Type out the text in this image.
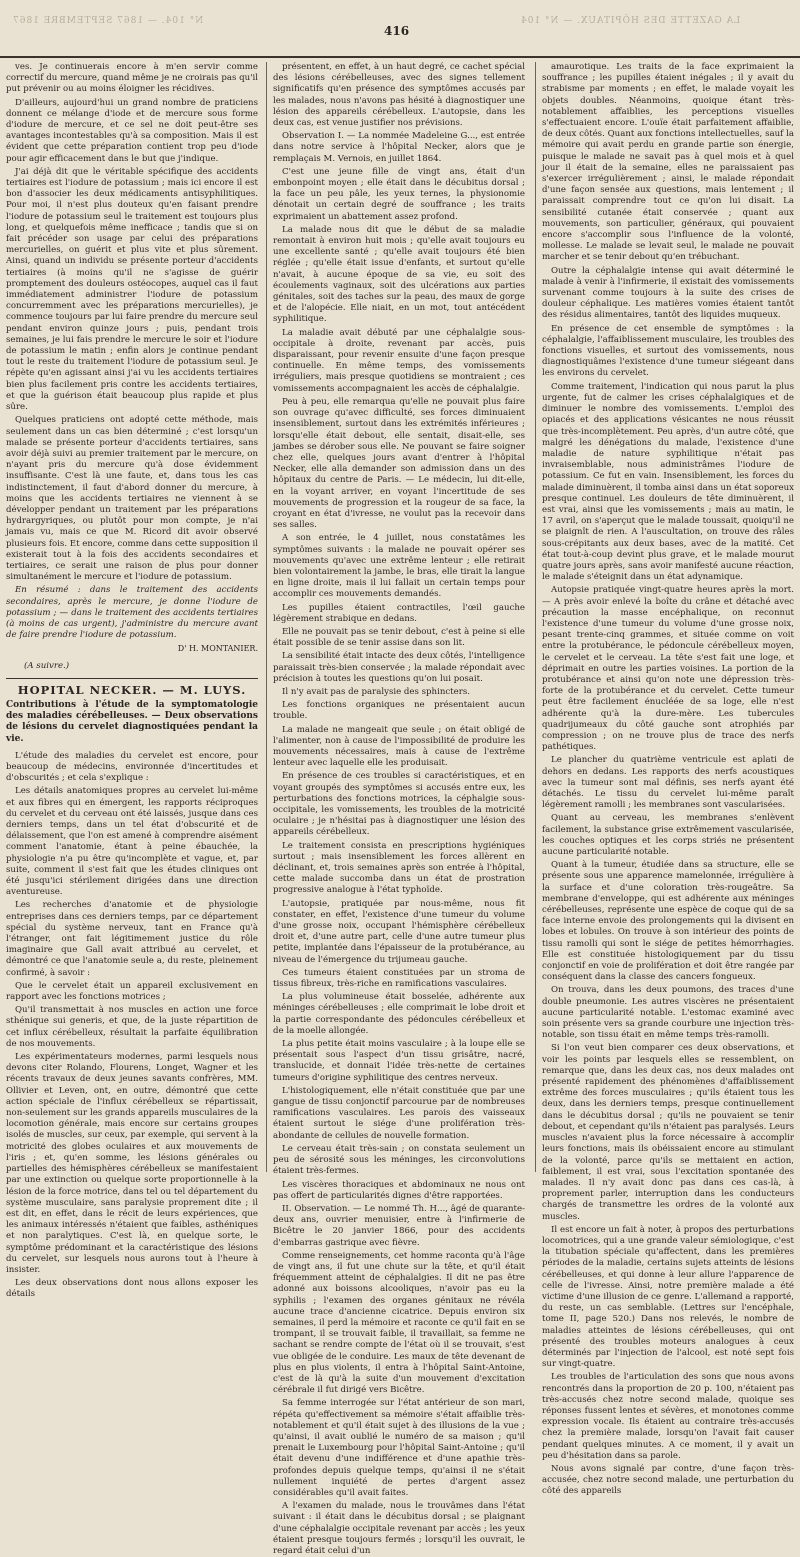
N° 104. — 1867 SEPTEMBRE 1867
416
LA GAZETTE DES HÔPITAUX. — N° 104

ves. Je continuerais encore à m'en servir comme correctif du mercure, quand même je ne croirais pas qu'il put prévenir ou au moins éloigner les récidives.

D'ailleurs, aujourd'hui un grand nombre de praticiens donnent ce mélange d'iode et de mercure sous forme d'iodure de mercure, et ce sel ne doit peut-être ses avantages incontestables qu'à sa composition. Mais il est évident que cette préparation contient trop peu d'iode pour agir efficacement dans le but que j'indique.

J'ai déjà dit que le véritable spécifique des accidents tertiaires est l'iodure de potassium ; mais ici encore il est bon d'associer les deux médicaments antisyphilitiques. Pour moi, il n'est plus douteux qu'en faisant prendre l'iodure de potassium seul le traitement est toujours plus long, et quelquefois même inefficace ; tandis que si on fait précéder son usage par celui des préparations mercurielles, on guérit et plus vite et plus sûrement. Ainsi, quand un individu se présente porteur d'accidents tertiaires (à moins qu'il ne s'agisse de guérir promptement des douleurs ostéocopes, auquel cas il faut immédiatement administrer l'iodure de potassium concurremment avec les préparations mercurielles), je commence toujours par lui faire prendre du mercure seul pendant environ quinze jours ; puis, pendant trois semaines, je lui fais prendre le mercure le soir et l'iodure de potassium le matin ; enfin alors je continue pendant tout le reste du traitement l'iodure de potassium seul. Je répète qu'en agissant ainsi j'ai vu les accidents tertiaires bien plus facilement pris contre les accidents tertiaires, et que la guérison était beaucoup plus rapide et plus sûre.

Quelques praticiens ont adopté cette méthode, mais seulement dans un cas bien déterminé ; c'est lorsqu'un malade se présente porteur d'accidents tertiaires, sans avoir déjà suivi au premier traitement par le mercure, on n'ayant pris du mercure qu'à dose évidemment insuffisante. C'est là une faute, et, dans tous les cas indistinctement, il faut d'abord donner du mercure, à moins que les accidents tertiaires ne viennent à se développer pendant un traitement par les préparations hydrargyriques, ou plutôt pour mon compte, je n'ai jamais vu, mais ce que M. Ricord dit avoir observé plusieurs fois. Et encore, comme dans cette supposition il existerait tout à la fois des accidents secondaires et tertiaires, ce serait une raison de plus pour donner simultanément le mercure et l'iodure de potassium.

En résumé : dans le traitement des accidents secondaires, après le mercure, je donne l'iodure de potassium ; — dans le traitement des accidents tertiaires (à moins de cas urgent), j'administre du mercure avant de faire prendre l'iodure de potassium.

D' H. MONTANIER.
(A suivre.)
HOPITAL NECKER. — M. LUYS.
Contributions à l'étude de la symptomatologie des maladies cérébelleuses. — Deux observations de lésions du cervelet diagnostiquées pendant la vie.

L'étude des maladies du cervelet est encore, pour beaucoup de médecins, environnée d'incertitudes et d'obscurités ; et cela s'explique :

Les détails anatomiques propres au cervelet lui-même et aux fibres qui en émergent, les rapports réciproques du cervelet et du cerveau ont été laissés, jusque dans ces derniers temps, dans un tel état d'obscurité et de délaissement, que l'on est amené à comprendre aisément comment l'anatomie, étant à peine ébauchée, la physiologie n'a pu être qu'incomplète et vague, et, par suite, comment il s'est fait que les études cliniques ont été jusqu'ici stérilement dirigées dans une direction aventureuse.

Les recherches d'anatomie et de physiologie entreprises dans ces derniers temps, par ce département spécial du système nerveux, tant en France qu'à l'étranger, ont fait légitimement justice du rôle imaginaire que Gall avait attribué au cervelet, et démontré ce que l'anatomie seule a, du reste, pleinement confirmé, à savoir :

Que le cervelet était un appareil exclusivement en rapport avec les fonctions motrices ;

Qu'il transmettait à nos muscles en action une force sthénique sui generis, et que, de la juste répartition de cet influx cérébelleux, résultait la parfaite équilibration de nos mouvements.

Les expérimentateurs modernes, parmi lesquels nous devons citer Rolando, Flourens, Longet, Wagner et les récents travaux de deux jeunes savants confrères, MM. Ollivier et Leven, ont, en outre, démontré que cette action spéciale de l'influx cérébelleux se répartissait, non-seulement sur les grands appareils musculaires de la locomotion générale, mais encore sur certains groupes isolés de muscles, sur ceux, par exemple, qui servent à la motricité des globes oculaires et aux mouvements de l'iris ; et, qu'en somme, les lésions générales ou partielles des hémisphères cérébelleux se manifestaient par une extinction ou quelque sorte proportionnelle à la lésion de la force motrice, dans tel ou tel département du système musculaire, sans paralysie proprement dite ; il est dit, en effet, dans le récit de leurs expériences, que les animaux intéressés n'étaient que faibles, asthéniques et non paralytiques. C'est là, en quelque sorte, le symptôme prédominant et la caractéristique des lésions du cervelet, sur lesquels nous aurons tout à l'heure à insister.

Les deux observations dont nous allons exposer les détails

présentent, en effet, à un haut degré, ce cachet spécial des lésions cérébelleuses, avec des signes tellement significatifs qu'en présence des symptômes accusés par les malades, nous n'avons pas hésité à diagnostiquer une lésion des appareils cérébelleux. L'autopsie, dans les deux cas, est venue justifier nos prévisions.

Observation I. — La nommée Madeleine G..., est entrée dans notre service à l'hôpital Necker, alors que je remplaçais M. Vernois, en juillet 1864.

C'est une jeune fille de vingt ans, était d'un embonpoint moyen ; elle était dans le décubitus dorsal ; la face un peu pâle, les yeux ternes, la physionomie dénotait un certain degré de souffrance ; les traits exprimaient un abattement assez profond.

La malade nous dit que le début de sa maladie remontait à environ huit mois ; qu'elle avait toujours eu une excellente santé ; qu'elle avait toujours été bien réglée ; qu'elle était issue d'enfants, et surtout qu'elle n'avait, à aucune époque de sa vie, eu soit des écoulements vaginaux, soit des ulcérations aux parties génitales, soit des taches sur la peau, des maux de gorge et de l'alopécie. Elle niait, en un mot, tout antécédent syphilitique.

La maladie avait débuté par une céphalalgie sous-occipitale à droite, revenant par accès, puis disparaissant, pour revenir ensuite d'une façon presque continuelle. En même temps, des vomissements irréguliers, mais presque quotidiens se montraient ; ces vomissements accompagnaient les accès de céphalalgie.

Peu à peu, elle remarqua qu'elle ne pouvait plus faire son ouvrage qu'avec difficulté, ses forces diminuaient insensiblement, surtout dans les extrémités inférieures ; lorsqu'elle était debout, elle sentait, disait-elle, ses jambes se dérober sous elle. Ne pouvant se faire soigner chez elle, quelques jours avant d'entrer à l'hôpital Necker, elle alla demander son admission dans un des hôpitaux du centre de Paris. — Le médecin, lui dit-elle, en la voyant arriver, en voyant l'incertitude de ses mouvements de progression et la rougeur de sa face, la croyant en état d'ivresse, ne voulut pas la recevoir dans ses salles.

A son entrée, le 4 juillet, nous constatâmes les symptômes suivants : la malade ne pouvait opérer ses mouvements qu'avec une extrême lenteur ; elle retirait bien volontairement la jambe, le bras, elle tirait la langue en ligne droite, mais il lui fallait un certain temps pour accomplir ces mouvements demandés.

Les pupilles étaient contractiles, l'œil gauche légèrement strabique en dedans.

Elle ne pouvait pas se tenir debout, c'est à peine si elle était possible de se tenir assise dans son lit.

La sensibilité était intacte des deux côtés, l'intelligence paraissait très-bien conservée ; la malade répondait avec précision à toutes les questions qu'on lui posait.

Il n'y avait pas de paralysie des sphincters.

Les fonctions organiques ne présentaient aucun trouble.

La malade ne mangeait que seule ; on était obligé de l'alimenter, non à cause de l'impossibilité de produire les mouvements nécessaires, mais à cause de l'extrême lenteur avec laquelle elle les produisait.

En présence de ces troubles si caractéristiques, et en voyant groupés des symptômes si accusés entre eux, les perturbations des fonctions motrices, la céphalgie sous-occipitale, les vomissements, les troubles de la motricité oculaire ; je n'hésitai pas à diagnostiquer une lésion des appareils cérébelleux.

Le traitement consista en prescriptions hygiéniques surtout ; mais insensiblement les forces allèrent en déclinant, et, trois semaines après son entrée à l'hôpital, cette malade succomba dans un état de prostration progressive analogue à l'état typhoïde.

L'autopsie, pratiquée par nous-même, nous fit constater, en effet, l'existence d'une tumeur du volume d'une grosse noix, occupant l'hémisphère cérébelleux droit et, d'une autre part, celle d'une autre tumeur plus petite, implantée dans l'épaisseur de la protubérance, au niveau de l'émergence du trijumeau gauche.

Ces tumeurs étaient constituées par un stroma de tissus fibreux, très-riche en ramifications vasculaires.

La plus volumineuse était bosselée, adhérente aux méninges cérébelleuses ; elle comprimait le lobe droit et la partie correspondante des pédoncules cérébelleux et de la moelle allongée.

La plus petite était moins vasculaire ; à la loupe elle se présentait sous l'aspect d'un tissu grisâtre, nacré, translucide, et donnait l'idée très-nette de certaines tumeurs d'origine syphilitique des centres nerveux.

L'histologiquement, elle n'était constituée que par une gangue de tissu conjonctif parcourue par de nombreuses ramifications vasculaires. Les parois des vaisseaux étaient surtout le siége d'une prolifération très-abondante de cellules de nouvelle formation.

Le cerveau était très-sain ; on constata seulement un peu de sérosité sous les méninges, les circonvolutions étaient très-fermes.

Les viscères thoraciques et abdominaux ne nous ont pas offert de particularités dignes d'être rapportées.

II. Observation. — Le nommé Th. H..., âgé de quarante-deux ans, ouvrier menuisier, entre à l'infirmerie de Bicêtre le 20 janvier 1866, pour des accidents d'embarras gastrique avec fièvre.

Comme renseignements, cet homme raconta qu'à l'âge de vingt ans, il fut une chute sur la tête, et qu'il était fréquemment atteint de céphalalgies. Il dit ne pas être adonné aux boissons alcooliques, n'avoir pas eu la syphilis ; l'examen des organes génitaux ne révéla aucune trace d'ancienne cicatrice. Depuis environ six semaines, il perd la mémoire et raconte ce qu'il fait en se trompant, il se trouvait faible, il travaillait, sa femme ne sachant se rendre compte de l'état où il se trouvait, s'est vue obligée de le conduire. Les maux de tête devenant de plus en plus violents, il entra à l'hôpital Saint-Antoine, c'est de là qu'à la suite d'un mouvement d'excitation cérébrale il fut dirigé vers Bicêtre.

Sa femme interrogée sur l'état antérieur de son mari, répéta qu'effectivement sa mémoire s'était affaiblie très-notablement et qu'il était sujet à des illusions de la vue ; qu'ainsi, il avait oublié le numéro de sa maison ; qu'il prenait le Luxembourg pour l'hôpital Saint-Antoine ; qu'il était devenu d'une indifférence et d'une apathie très-profondes depuis quelque temps, qu'ainsi il ne s'était nullement inquiété de pertes d'argent assez considérables qu'il avait faites.

A l'examen du malade, nous le trouvâmes dans l'état suivant : il était dans le décubitus dorsal ; se plaignant d'une céphalalgie occipitale revenant par accès ; les yeux étaient presque toujours fermés ; lorsqu'il les ouvrait, le regard était celui d'un

amaurotique. Les traits de la face exprimaient la souffrance ; les pupilles étaient inégales ; il y avait du strabisme par moments ; en effet, le malade voyait les objets doubles. Néanmoins, quoique étant très-notablement affaiblies, les perceptions visuelles s'effectuaient encore. L'ouïe était parfaitement affaiblie, de deux côtés. Quant aux fonctions intellectuelles, sauf la mémoire qui avait perdu en grande partie son énergie, puisque le malade ne savait pas à quel mois et à quel jour il était de la semaine, elles ne paraissaient pas s'exercer irrégulièrement ; ainsi, le malade répondait d'une façon sensée aux questions, mais lentement ; il paraissait comprendre tout ce qu'on lui disait. La sensibilité cutanée était conservée ; quant aux mouvements, son particulier, généraux, qui pouvaient encore s'accomplir sous l'influence de la volonté, mollesse. Le malade se levait seul, le malade ne pouvait marcher et se tenir debout qu'en trébuchant.

Outre la céphalalgie intense qui avait déterminé le malade à venir à l'infirmerie, il existait des vomissements survenant comme toujours à la suite des crises de douleur céphalique. Les matières vomies étaient tantôt des résidus alimentaires, tantôt des liquides muqueux.

En présence de cet ensemble de symptômes : la céphalalgie, l'affaiblissement musculaire, les troubles des fonctions visuelles, et surtout des vomissements, nous diagnostiquâmes l'existence d'une tumeur siégeant dans les environs du cervelet.

Comme traitement, l'indication qui nous parut la plus urgente, fut de calmer les crises céphalalgiques et de diminuer le nombre des vomissements. L'emploi des opiacés et des applications vésicantes ne nous réussit que très-incomplètement. Peu après, d'un autre côté, que malgré les dénégations du malade, l'existence d'une maladie de nature syphilitique n'était pas invraisemblable, nous administrâmes l'iodure de potassium. Ce fut en vain. Insensiblement, les forces du malade diminuèrent, il tomba ainsi dans un état soporeux presque continuel. Les douleurs de tête diminuèrent, il est vrai, ainsi que les vomissements ; mais au matin, le 17 avril, on s'aperçut que le malade toussait, quoiqu'il ne se plaignît de rien. A l'auscultation, on trouve des râles sous-crépitants aux deux bases, avec de la matité. Cet état tout-à-coup devint plus grave, et le malade mourut quatre jours après, sans avoir manifesté aucune réaction, le malade s'éteignit dans un état adynamique.

Autopsie pratiquée vingt-quatre heures après la mort. — A près avoir enlevé la boîte du crâne et détaché avec précaution la masse encéphalique, on reconnut l'existence d'une tumeur du volume d'une grosse noix, pesant trente-cinq grammes, et située comme on voit entre la protubérance, le pédoncule cérébelleux moyen, le cervelet et le cerveau. La tête s'est fait une loge, et déprimait en outre les parties voisines. La portion de la protubérance et ainsi qu'on note une dépression très-forte de la protubérance et du cervelet. Cette tumeur peut être facilement énucléée de sa loge, elle n'est adhérente qu'à la dure-mère. Les tubercules quadrijumeaux du côté gauche sont atrophiés par compression ; on ne trouve plus de trace des nerfs pathétiques.

Le plancher du quatrième ventricule est aplati de dehors en dedans. Les rapports des nerfs acoustiques avec la tumeur sont mal définis, ses nerfs ayant été détachés. Le tissu du cervelet lui-même paraît légèrement ramolli ; les membranes sont vascularisées.

Quant au cerveau, les membranes s'enlèvent facilement, la substance grise extrêmement vascularisée, les couches optiques et les corps striés ne présentent aucune particularité notable.

Quant à la tumeur, étudiée dans sa structure, elle se présente sous une apparence mamelonnée, irrégulière à la surface et d'une coloration très-rougeâtre. Sa membrane d'enveloppe, qui est adhérente aux méninges cérébelleuses, représente une espèce de coque qui de sa face interne envoie des prolongements qui la divisent en lobes et lobules. On trouve à son intérieur des points de tissu ramolli qui sont le siége de petites hémorrhagies. Elle est constituée histologiquement par du tissu conjonctif en voie de prolifération et doit être rangée par conséquent dans la classe des cancers fongueux.

On trouva, dans les deux poumons, des traces d'une double pneumonie. Les autres viscères ne présentaient aucune particularité notable. L'estomac examiné avec soin présente vers sa grande courbure une injection très-notable, son tissu était en même temps très-ramolli.

Si l'on veut bien comparer ces deux observations, et voir les points par lesquels elles se ressemblent, on remarque que, dans les deux cas, nos deux malades ont présenté rapidement des phénomènes d'affaiblissement extrême des forces musculaires ; qu'ils étaient tous les deux, dans les derniers temps, presque continuellement dans le décubitus dorsal ; qu'ils ne pouvaient se tenir debout, et cependant qu'ils n'étaient pas paralysés. Leurs muscles n'avaient plus la force nécessaire à accomplir leurs fonctions, mais ils obéissaient encore au stimulant de la volonté, parce qu'ils se mettaient en action, faiblement, il est vrai, sous l'excitation spontanée des malades. Il n'y avait donc pas dans ces cas-là, à proprement parler, interruption dans les conducteurs chargés de transmettre les ordres de la volonté aux muscles.

Il est encore un fait à noter, à propos des perturbations locomotrices, qui a une grande valeur sémiologique, c'est la titubation spéciale qu'affectent, dans les premières périodes de la maladie, certains sujets atteints de lésions cérébelleuses, et qui donne à leur allure l'apparence de celle de l'ivresse. Ainsi, notre première malade a été victime d'une illusion de ce genre. L'allemand a rapporté, du reste, un cas semblable. (Lettres sur l'encéphale, tome II, page 520.) Dans nos relevés, le nombre de maladies atteintes de lésions cérébelleuses, qui ont présenté des troubles moteurs analogues à ceux déterminés par l'injection de l'alcool, est noté sept fois sur vingt-quatre.

Les troubles de l'articulation des sons que nous avons rencontrés dans la proportion de 20 p. 100, n'étaient pas très-accusés chez notre second malade, quoique ses réponses fussent lentes et sévères, et monotones comme expression vocale. Ils étaient au contraire très-accusés chez la première malade, lorsqu'on l'avait fait causer pendant quelques minutes. A ce moment, il y avait un peu d'hésitation dans sa parole.

Nous avons signalé par contre, d'une façon très-accusée, chez notre second malade, une perturbation du côté des appareils
